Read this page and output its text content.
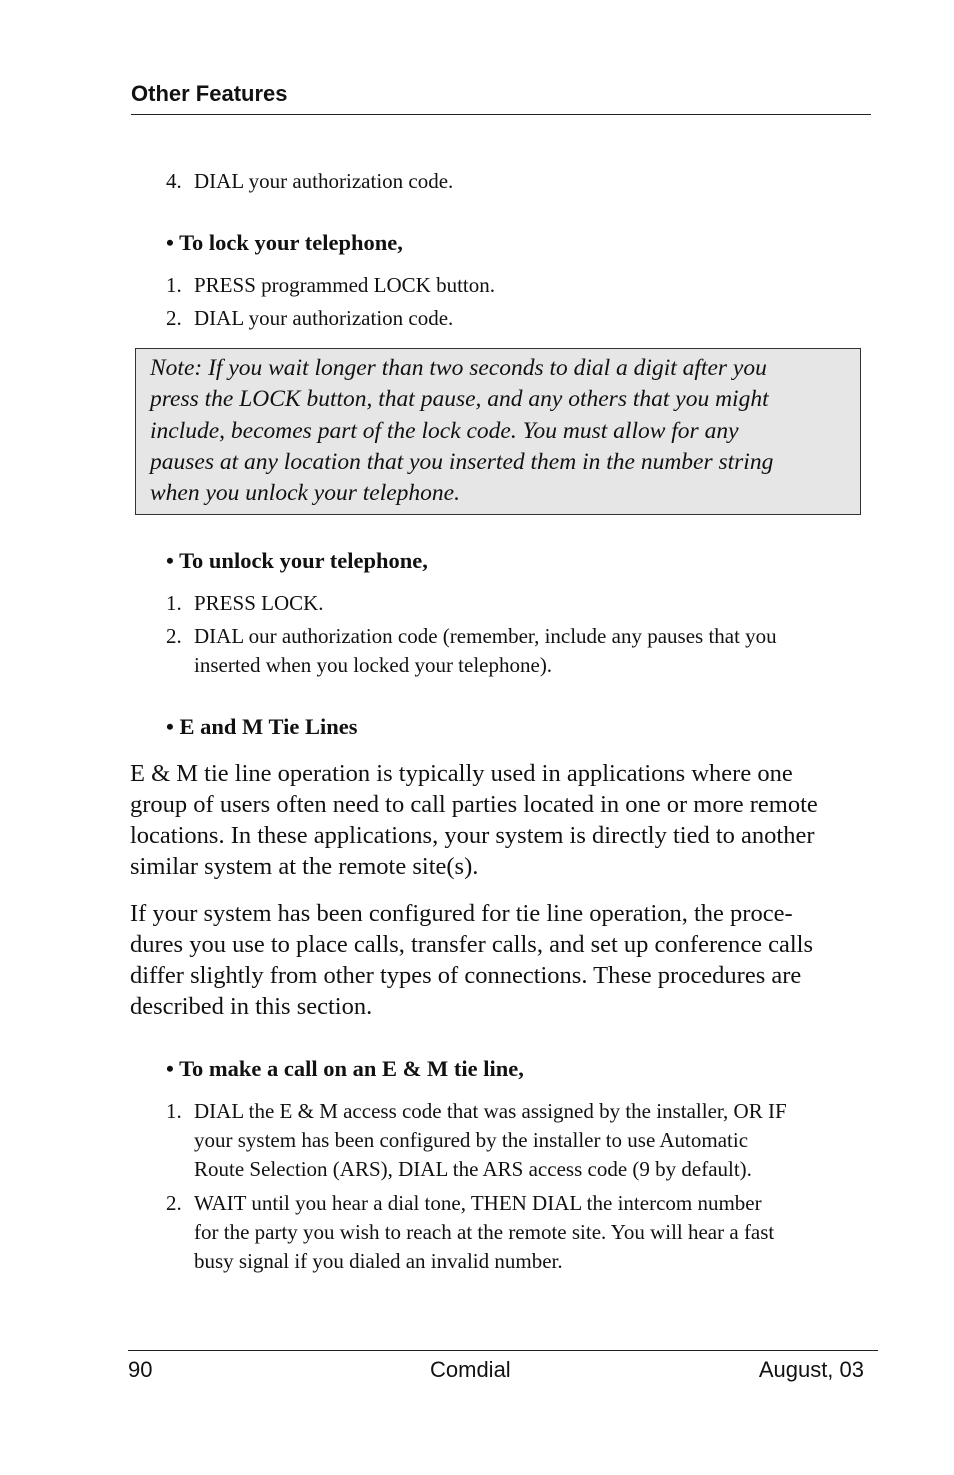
Other Features
4. DIAL your authorization code.
• To lock your telephone,
1. PRESS programmed LOCK button.
2. DIAL your authorization code.
Note: If you wait longer than two seconds to dial a digit after you
press the LOCK button, that pause, and any others that you might
include, becomes part of the lock code. You must allow for any
pauses at any location that you inserted them in the number string
when you unlock your telephone.
• To unlock your telephone,
1. PRESS LOCK.
2. DIAL our authorization code (remember, include any pauses that you
inserted when you locked your telephone).
• E and M Tie Lines
E & M tie line operation is typically used in applications where one
group of users often need to call parties located in one or more remote
locations. In these applications, your system is directly tied to another
similar system at the remote site(s).
If your system has been configured for tie line operation, the proce-
dures you use to place calls, transfer calls, and set up conference calls
differ slightly from other types of connections. These procedures are
described in this section.
• To make a call on an E & M tie line,
1. DIAL the E & M access code that was assigned by the installer, OR IF
your system has been configured by the installer to use Automatic
Route Selection (ARS), DIAL the ARS access code (9 by default).
2. WAIT until you hear a dial tone, THEN DIAL the intercom number
for the party you wish to reach at the remote site. You will hear a fast
busy signal if you dialed an invalid number.
90	Comdial	August, 03
